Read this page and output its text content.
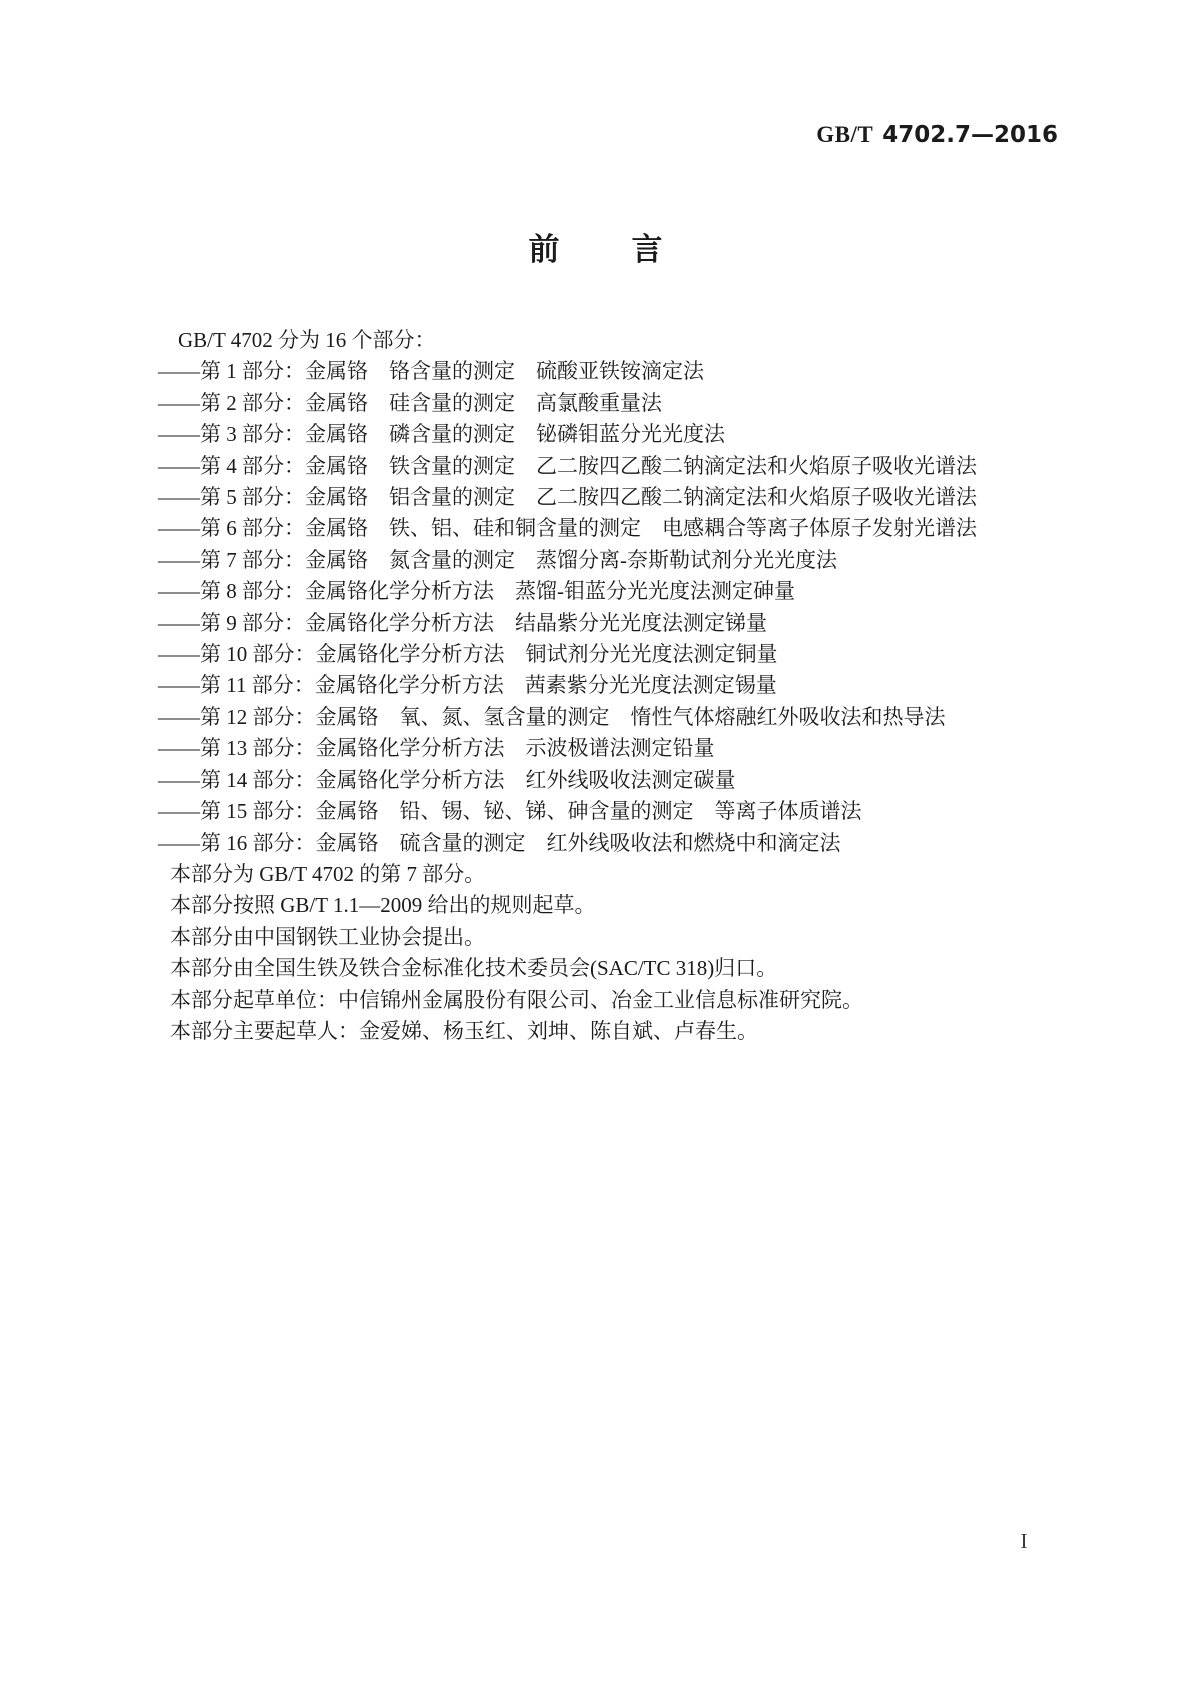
GB/T 4702.7—2016
前言

GB/T 4702 分为 16 个部分：

——第 1 部分：金属铬　铬含量的测定　硫酸亚铁铵滴定法

——第 2 部分：金属铬　硅含量的测定　高氯酸重量法

——第 3 部分：金属铬　磷含量的测定　铋磷钼蓝分光光度法

——第 4 部分：金属铬　铁含量的测定　乙二胺四乙酸二钠滴定法和火焰原子吸收光谱法

——第 5 部分：金属铬　铝含量的测定　乙二胺四乙酸二钠滴定法和火焰原子吸收光谱法

——第 6 部分：金属铬　铁、铝、硅和铜含量的测定　电感耦合等离子体原子发射光谱法

——第 7 部分：金属铬　氮含量的测定　蒸馏分离-奈斯勒试剂分光光度法

——第 8 部分：金属铬化学分析方法　蒸馏-钼蓝分光光度法测定砷量

——第 9 部分：金属铬化学分析方法　结晶紫分光光度法测定锑量

——第 10 部分：金属铬化学分析方法　铜试剂分光光度法测定铜量

——第 11 部分：金属铬化学分析方法　茜素紫分光光度法测定锡量

——第 12 部分：金属铬　氧、氮、氢含量的测定　惰性气体熔融红外吸收法和热导法

——第 13 部分：金属铬化学分析方法　示波极谱法测定铅量

——第 14 部分：金属铬化学分析方法　红外线吸收法测定碳量

——第 15 部分：金属铬　铅、锡、铋、锑、砷含量的测定　等离子体质谱法

——第 16 部分：金属铬　硫含量的测定　红外线吸收法和燃烧中和滴定法

本部分为 GB/T 4702 的第 7 部分。

本部分按照 GB/T 1.1—2009 给出的规则起草。

本部分由中国钢铁工业协会提出。

本部分由全国生铁及铁合金标准化技术委员会(SAC/TC 318)归口。

本部分起草单位：中信锦州金属股份有限公司、冶金工业信息标准研究院。

本部分主要起草人：金爱娣、杨玉红、刘坤、陈自斌、卢春生。

I
